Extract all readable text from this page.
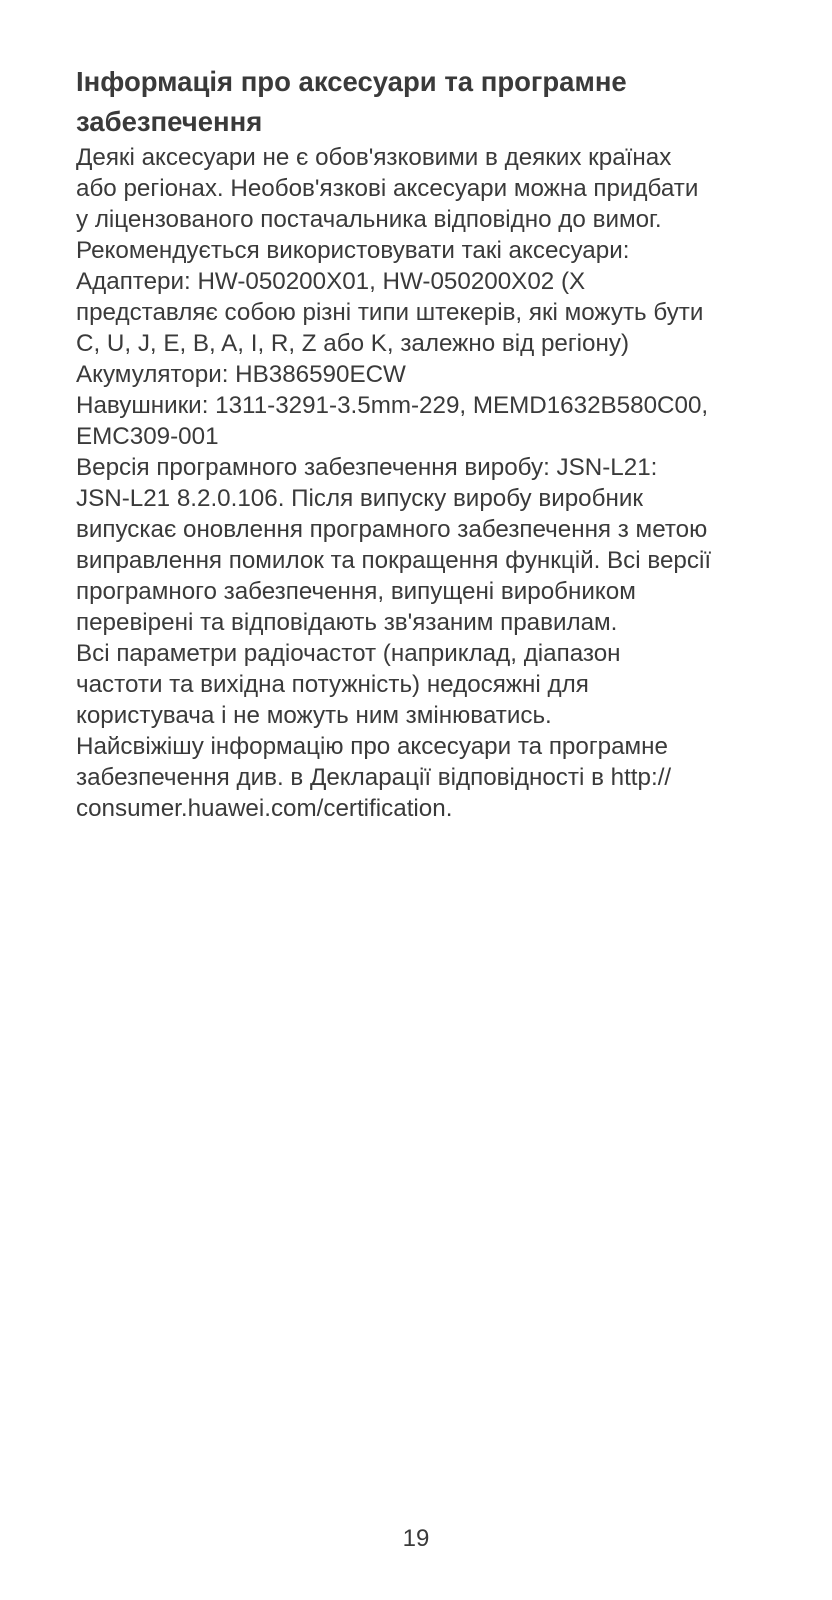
Інформація про аксесуари та програмне
забезпечення

Деякі аксесуари не є обов'язковими в деяких країнах
або регіонах. Необов'язкові аксесуари можна придбати
у ліцензованого постачальника відповідно до вимог.
Рекомендується використовувати такі аксесуари:

Адаптери: HW-050200X01, HW-050200X02 (X
представляє собою різні типи штекерів, які можуть бути
C, U, J, E, B, A, I, R, Z або K, залежно від регіону)

Акумулятори: HB386590ECW

Навушники: 1311-3291-3.5mm-229, MEMD1632B580C00,
EMC309-001

Версія програмного забезпечення виробу: JSN-L21:
JSN-L21 8.2.0.106. Після випуску виробу виробник
випускає оновлення програмного забезпечення з метою
виправлення помилок та покращення функцій. Всі версії
програмного забезпечення, випущені виробником
перевірені та відповідають зв'язаним правилам.

Всі параметри радіочастот (наприклад, діапазон
частоти та вихідна потужність) недосяжні для
користувача і не можуть ним змінюватись.

Найсвіжішу інформацію про аксесуари та програмне
забезпечення див. в Декларації відповідності в http://
consumer.huawei.com/certification.

19
